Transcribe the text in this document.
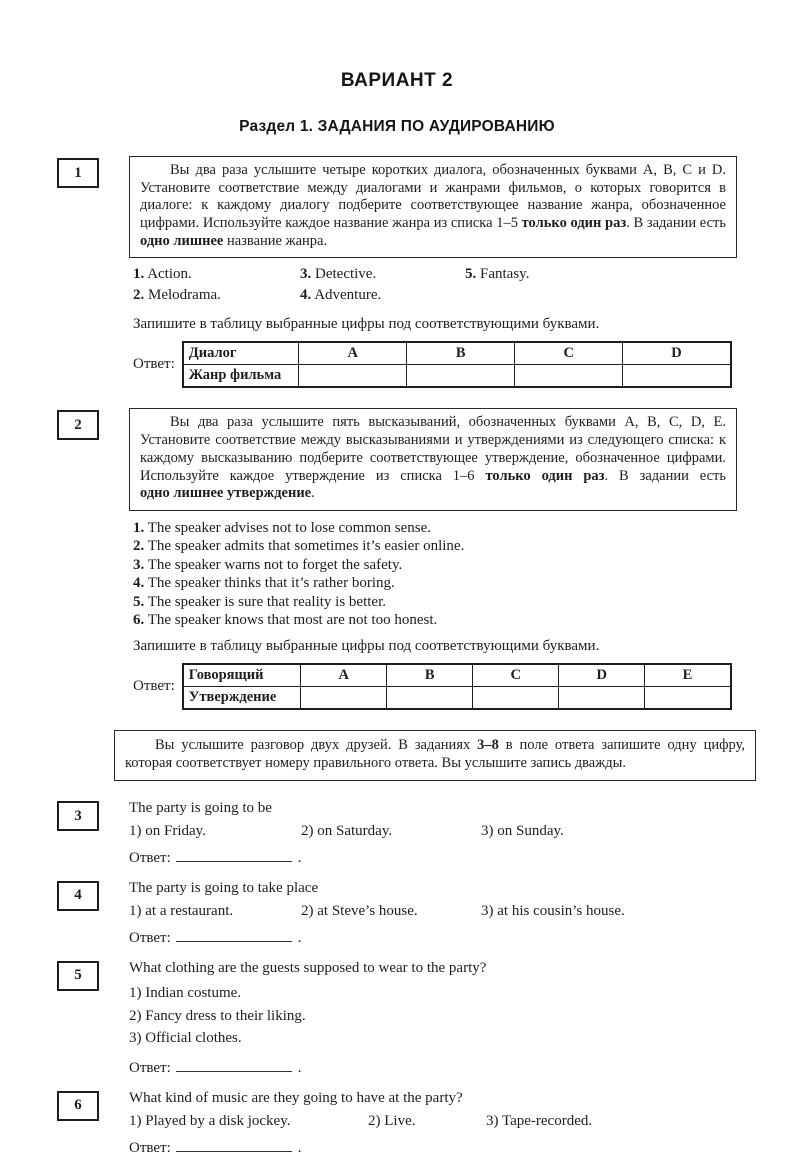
ВАРИАНТ 2
Раздел 1. ЗАДАНИЯ ПО АУДИРОВАНИЮ
1	Вы два раза услышите четыре коротких диалога, обозначенных буквами A, B, C и D. Установите соответствие между диалогами и жанрами фильмов, о которых говорится в диалоге: к каждому диалогу подберите соответствующее название жанра, обозначенное цифрами. Используйте каждое название жанра из списка 1–5 только один раз. В задании есть одно лишнее название жанра.
1. Action.
2. Melodrama.
3. Detective.
4. Adventure.
5. Fantasy.

Запишите в таблицу выбранные цифры под соответствующими буквами.

Ответ:
Диалог	A	B	C	D
Жанр фильма				
2	Вы два раза услышите пять высказываний, обозначенных буквами A, B, C, D, E. Установите соответствие между высказываниями и утверждениями из следующего списка: к каждому высказыванию подберите соответствующее утверждение, обозначенное цифрами. Используйте каждое утверждение из списка 1–6 только один раз. В задании есть одно лишнее утверждение.
1. The speaker advises not to lose common sense.
2. The speaker admits that sometimes it’s easier online.
3. The speaker warns not to forget the safety.
4. The speaker thinks that it’s rather boring.
5. The speaker is sure that reality is better.
6. The speaker knows that most are not too honest.

Запишите в таблицу выбранные цифры под соответствующими буквами.

Ответ:
Говорящий	A	B	C	D	E
Утверждение					
Вы услышите разговор двух друзей. В заданиях 3–8 в поле ответа запишите одну цифру, которая соответствует номеру правильного ответа. Вы услышите запись дважды.
3	The party is going to be
1) on Friday.	2) on Saturday.	3) on Sunday.
Ответ:	.
4	The party is going to take place
1) at a restaurant.	2) at Steve’s house.	3) at his cousin’s house.
Ответ:	.
5	What clothing are the guests supposed to wear to the party?
1) Indian costume.
2) Fancy dress to their liking.
3) Official clothes.
Ответ:	.
6	What kind of music are they going to have at the party?
1) Played by a disk jockey.	2) Live.	3) Tape-recorded.
Ответ:	.
